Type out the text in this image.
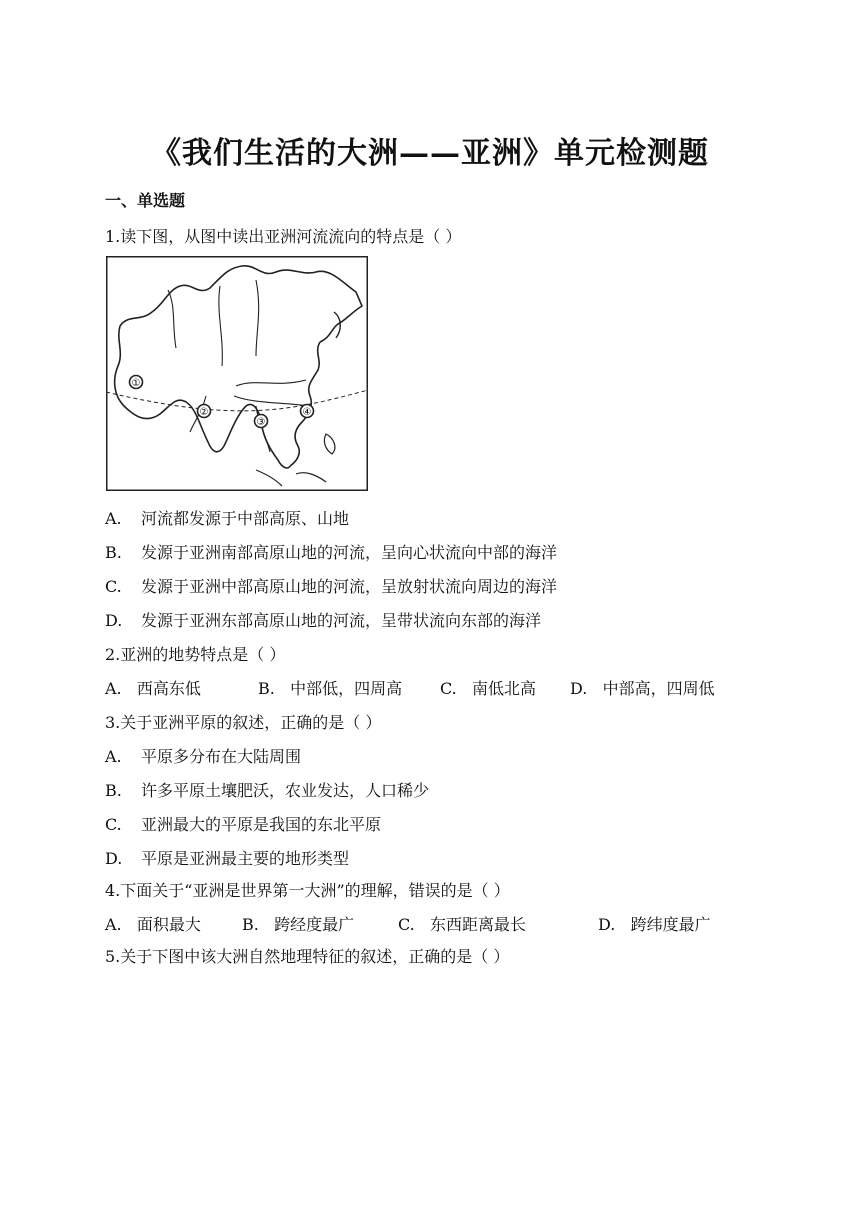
《我们生活的大洲——亚洲》单元检测题
一、单选题
1.读下图，从图中读出亚洲河流流向的特点是（ ）
①
②
③
④
A. 河流都发源于中部高原、山地
B. 发源于亚洲南部高原山地的河流，呈向心状流向中部的海洋
C. 发源于亚洲中部高原山地的河流，呈放射状流向周边的海洋
D. 发源于亚洲东部高原山地的河流，呈带状流向东部的海洋
2.亚洲的地势特点是（ ）
A. 西高东低	B. 中部低，四周高 C. 南低北高 D. 中部高，四周低
3.关于亚洲平原的叙述，正确的是（ ）
A. 平原多分布在大陆周围
B. 许多平原土壤肥沃，农业发达，人口稀少
C. 亚洲最大的平原是我国的东北平原
D. 平原是亚洲最主要的地形类型
4.下面关于“亚洲是世界第一大洲”的理解，错误的是（ ）
A. 面积最大	B. 跨经度最广	C. 东西距离最长	D. 跨纬度最广
5.关于下图中该大洲自然地理特征的叙述，正确的是（ ）
